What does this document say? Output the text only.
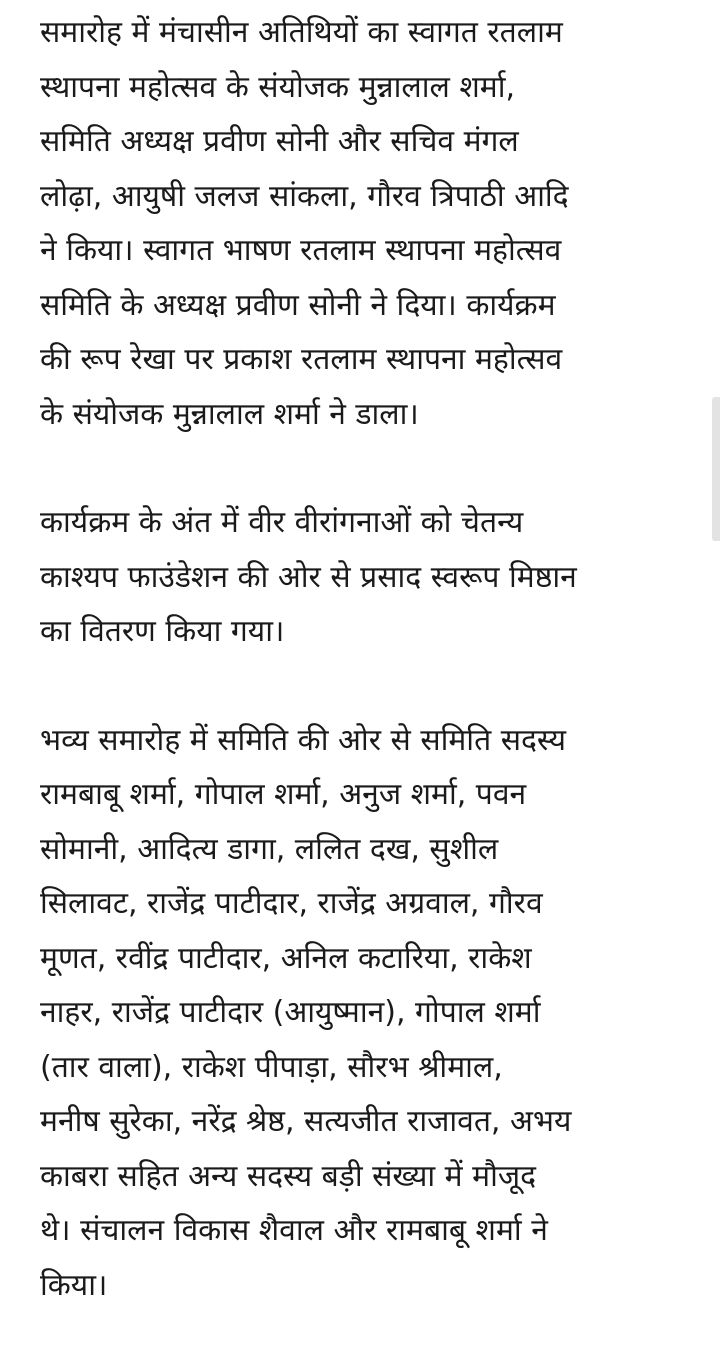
समारोह में मंचासीन अतिथियों का स्वागत रतलाम
स्थापना महोत्सव के संयोजक मुन्नालाल शर्मा,
समिति अध्यक्ष प्रवीण सोनी और सचिव मंगल
लोढ़ा, आयुषी जलज सांकला, गौरव त्रिपाठी आदि
ने किया। स्वागत भाषण रतलाम स्थापना महोत्सव
समिति के अध्यक्ष प्रवीण सोनी ने दिया। कार्यक्रम
की रूप रेखा पर प्रकाश रतलाम स्थापना महोत्सव
के संयोजक मुन्नालाल शर्मा ने डाला।

कार्यक्रम के अंत में वीर वीरांगनाओं को चेतन्य
काश्यप फाउंडेशन की ओर से प्रसाद स्वरूप मिष्ठान
का वितरण किया गया।

भव्य समारोह में समिति की ओर से समिति सदस्य
रामबाबू शर्मा, गोपाल शर्मा, अनुज शर्मा, पवन
सोमानी, आदित्य डागा, ललित दख, सुशील
सिलावट, राजेंद्र पाटीदार, राजेंद्र अग्रवाल, गौरव
मूणत, रवींद्र पाटीदार, अनिल कटारिया, राकेश
नाहर, राजेंद्र पाटीदार (आयुष्मान), गोपाल शर्मा
(तार वाला), राकेश पीपाड़ा, सौरभ श्रीमाल,
मनीष सुरेका, नरेंद्र श्रेष्ठ, सत्यजीत राजावत, अभय
काबरा सहित अन्य सदस्य बड़ी संख्या में मौजूद
थे। संचालन विकास शैवाल और रामबाबू शर्मा ने
किया।
